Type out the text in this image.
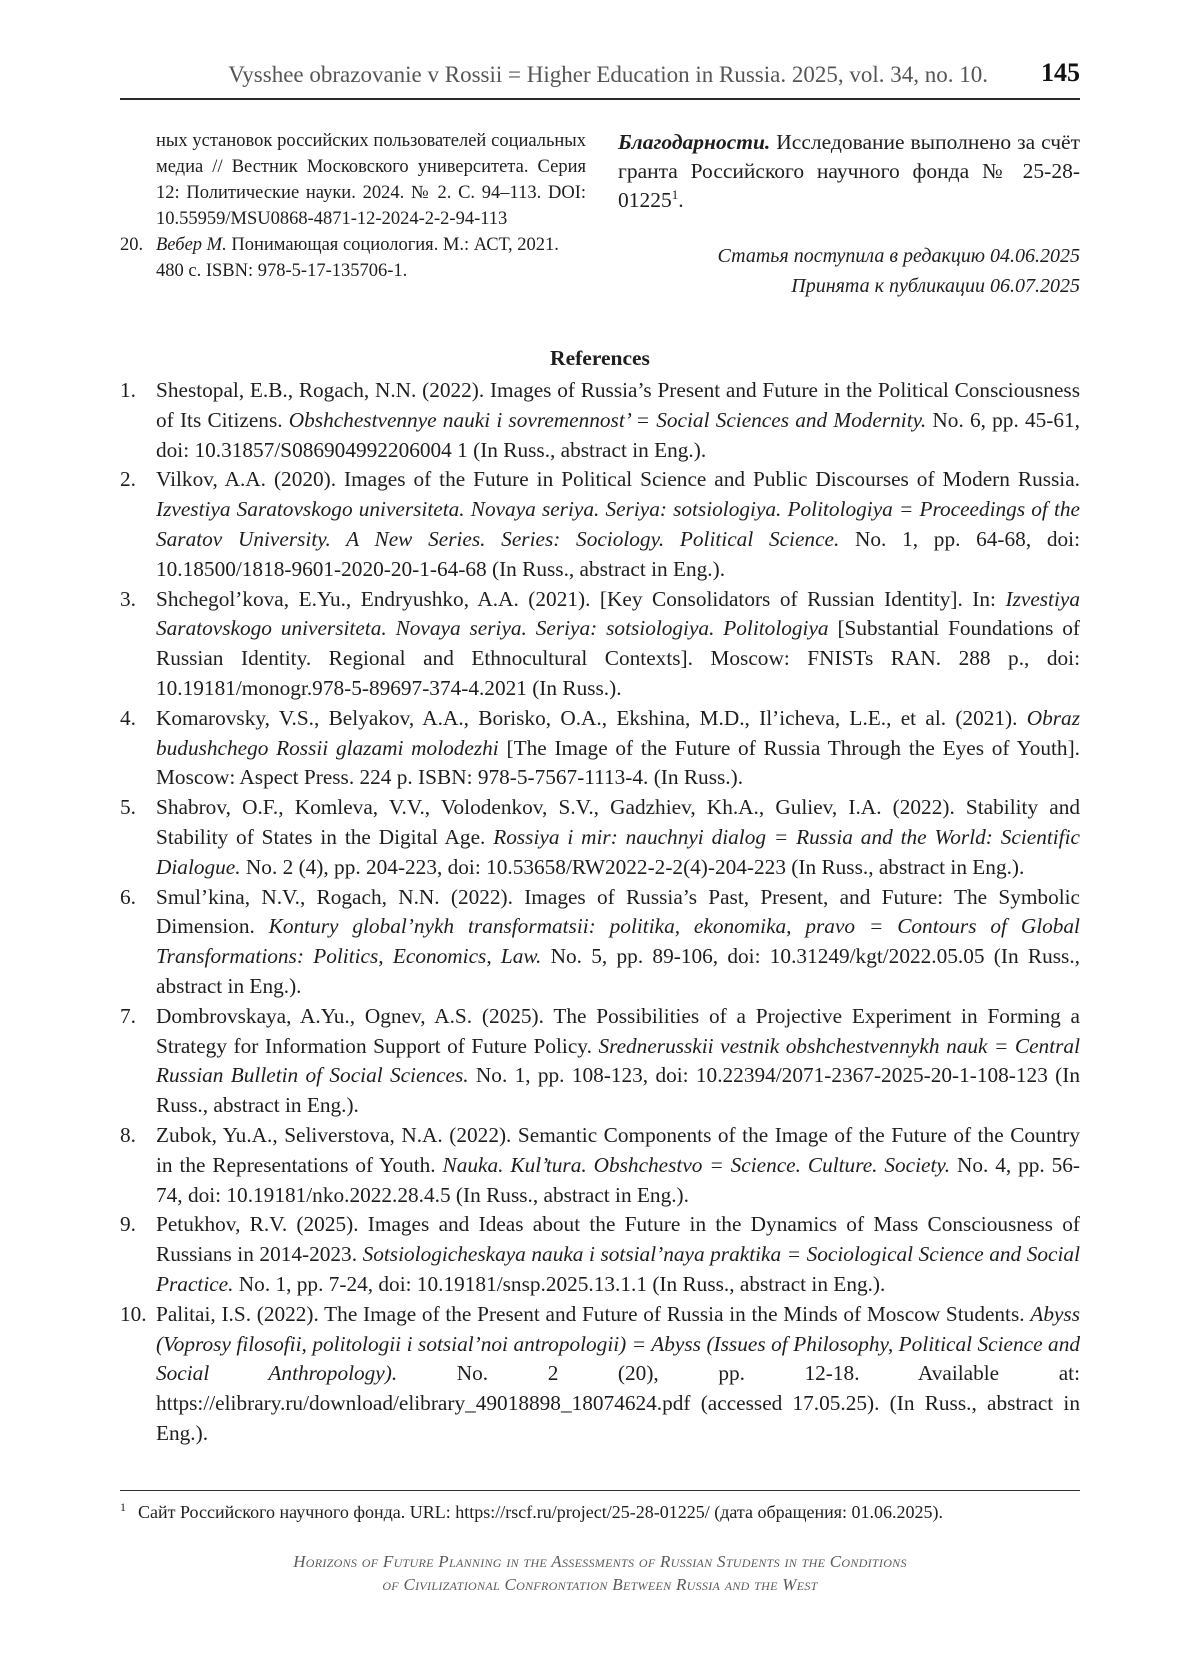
Vysshee obrazovanie v Rossii = Higher Education in Russia. 2025, vol. 34, no. 10. 145
ных установок российских пользователей социальных медиа // Вестник Московского университета. Серия 12: Политические науки. 2024. № 2. С. 94–113. DOI: 10.55959/MSU0868-4871-12-2024-2-2-94-113
20. Вебер М. Понимающая социология. М.: АСТ, 2021. 480 с. ISBN: 978-5-17-135706-1.
Благодарности. Исследование выполнено за счёт гранта Российского научного фонда № 25-28-01225$^1$.
Статья поступила в редакцию 04.06.2025
Принята к публикации 06.07.2025
References
1. Shestopal, E.B., Rogach, N.N. (2022). Images of Russia’s Present and Future in the Political Consciousness of Its Citizens. Obshchestvennye nauki i sovremennost’ = Social Sciences and Modernity. No. 6, pp. 45-61, doi: 10.31857/S086904992206004 1 (In Russ., abstract in Eng.).
2. Vilkov, A.A. (2020). Images of the Future in Political Science and Public Discourses of Modern Russia. Izvestiya Saratovskogo universiteta. Novaya seriya. Seriya: sotsiologiya. Politologiya = Proceedings of the Saratov University. A New Series. Series: Sociology. Political Science. No. 1, pp. 64-68, doi: 10.18500/1818-9601-2020-20-1-64-68 (In Russ., abstract in Eng.).
3. Shchegol’kova, E.Yu., Endryushko, A.A. (2021). [Key Consolidators of Russian Identity]. In: Izvestiya Saratovskogo universiteta. Novaya seriya. Seriya: sotsiologiya. Politologiya [Substantial Foundations of Russian Identity. Regional and Ethnocultural Contexts]. Moscow: FNISTs RAN. 288 p., doi: 10.19181/monogr.978-5-89697-374-4.2021 (In Russ.).
4. Komarovsky, V.S., Belyakov, A.A., Borisko, O.A., Ekshina, M.D., Il’icheva, L.E., et al. (2021). Obraz budushchego Rossii glazami molodezhi [The Image of the Future of Russia Through the Eyes of Youth]. Moscow: Aspect Press. 224 p. ISBN: 978-5-7567-1113-4. (In Russ.).
5. Shabrov, O.F., Komleva, V.V., Volodenkov, S.V., Gadzhiev, Kh.A., Guliev, I.A. (2022). Stability and Stability of States in the Digital Age. Rossiya i mir: nauchnyi dialog = Russia and the World: Scientific Dialogue. No. 2 (4), pp. 204-223, doi: 10.53658/RW2022-2-2(4)-204-223 (In Russ., abstract in Eng.).
6. Smul’kina, N.V., Rogach, N.N. (2022). Images of Russia’s Past, Present, and Future: The Symbolic Dimension. Kontury global’nykh transformatsii: politika, ekonomika, pravo = Contours of Global Transformations: Politics, Economics, Law. No. 5, pp. 89-106, doi: 10.31249/kgt/2022.05.05 (In Russ., abstract in Eng.).
7. Dombrovskaya, A.Yu., Ognev, A.S. (2025). The Possibilities of a Projective Experiment in Forming a Strategy for Information Support of Future Policy. Srednerusskii vestnik obshchestvennykh nauk = Central Russian Bulletin of Social Sciences. No. 1, pp. 108-123, doi: 10.22394/2071-2367-2025-20-1-108-123 (In Russ., abstract in Eng.).
8. Zubok, Yu.A., Seliverstova, N.A. (2022). Semantic Components of the Image of the Future of the Country in the Representations of Youth. Nauka. Kul’tura. Obshchestvo = Science. Culture. Society. No. 4, pp. 56-74, doi: 10.19181/nko.2022.28.4.5 (In Russ., abstract in Eng.).
9. Petukhov, R.V. (2025). Images and Ideas about the Future in the Dynamics of Mass Consciousness of Russians in 2014-2023. Sotsiologicheskaya nauka i sotsial’naya praktika = Sociological Science and Social Practice. No. 1, pp. 7-24, doi: 10.19181/snsp.2025.13.1.1 (In Russ., abstract in Eng.).
10. Palitai, I.S. (2022). The Image of the Present and Future of Russia in the Minds of Moscow Students. Abyss (Voprosy filosofii, politologii i sotsial’noi antropologii) = Abyss (Issues of Philosophy, Political Science and Social Anthropology). No. 2 (20), pp. 12-18. Available at: https://elibrary.ru/download/elibrary_49018898_18074624.pdf (accessed 17.05.25). (In Russ., abstract in Eng.).
$^1$ Сайт Российского научного фонда. URL: https://rscf.ru/project/25-28-01225/ (дата обращения: 01.06.2025).
Horizons of Future Planning in the Assessments of Russian Students in the Conditions
of Civilizational Confrontation Between Russia and the West
